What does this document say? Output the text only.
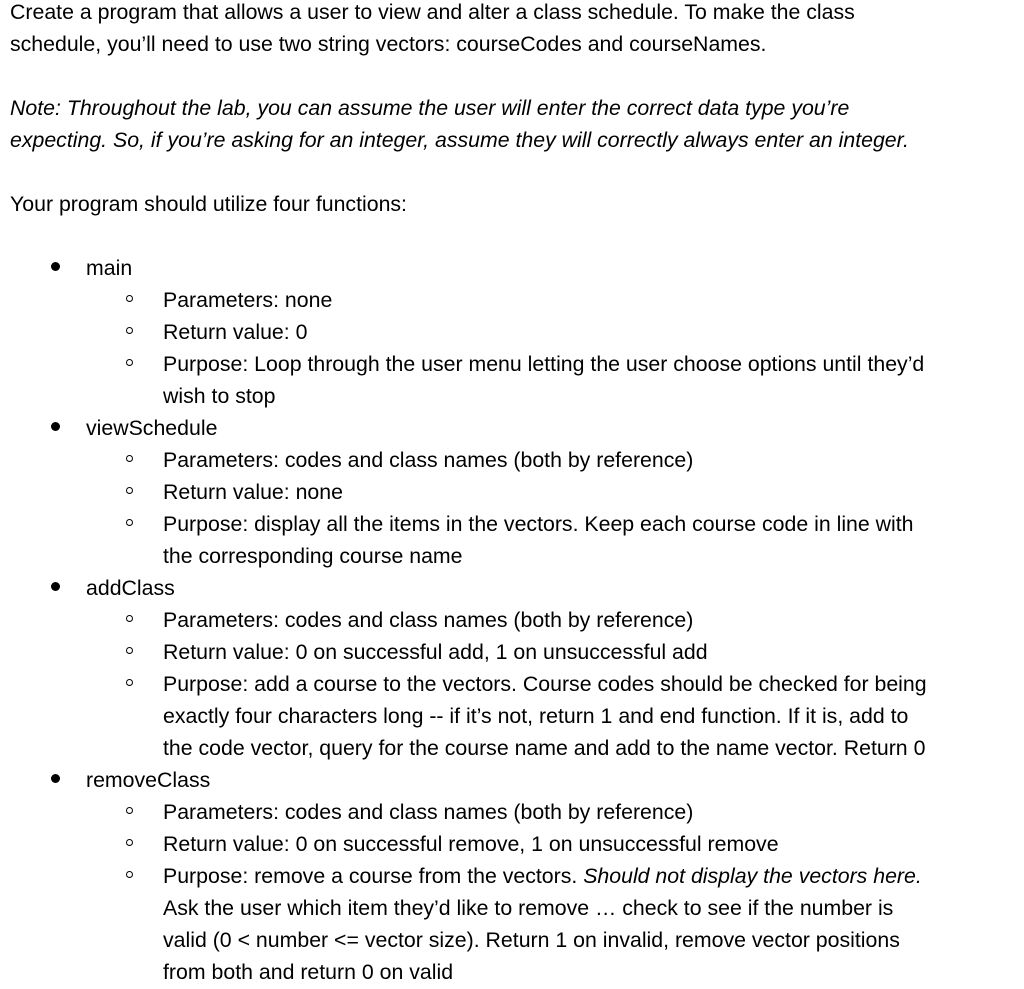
Create a program that allows a user to view and alter a class schedule. To make the class
schedule, you’ll need to use two string vectors: courseCodes and courseNames.
Note: Throughout the lab, you can assume the user will enter the correct data type you’re
expecting. So, if you’re asking for an integer, assume they will correctly always enter an integer.
Your program should utilize four functions:
main
Parameters: none
Return value: 0
Purpose: Loop through the user menu letting the user choose options until they’d
wish to stop
viewSchedule
Parameters: codes and class names (both by reference)
Return value: none
Purpose: display all the items in the vectors. Keep each course code in line with
the corresponding course name
addClass
Parameters: codes and class names (both by reference)
Return value: 0 on successful add, 1 on unsuccessful add
Purpose: add a course to the vectors. Course codes should be checked for being
exactly four characters long -- if it’s not, return 1 and end function. If it is, add to
the code vector, query for the course name and add to the name vector. Return 0
removeClass
Parameters: codes and class names (both by reference)
Return value: 0 on successful remove, 1 on unsuccessful remove
Purpose: remove a course from the vectors. Should not display the vectors here.
Ask the user which item they’d like to remove … check to see if the number is
valid (0 < number <= vector size). Return 1 on invalid, remove vector positions
from both and return 0 on valid
